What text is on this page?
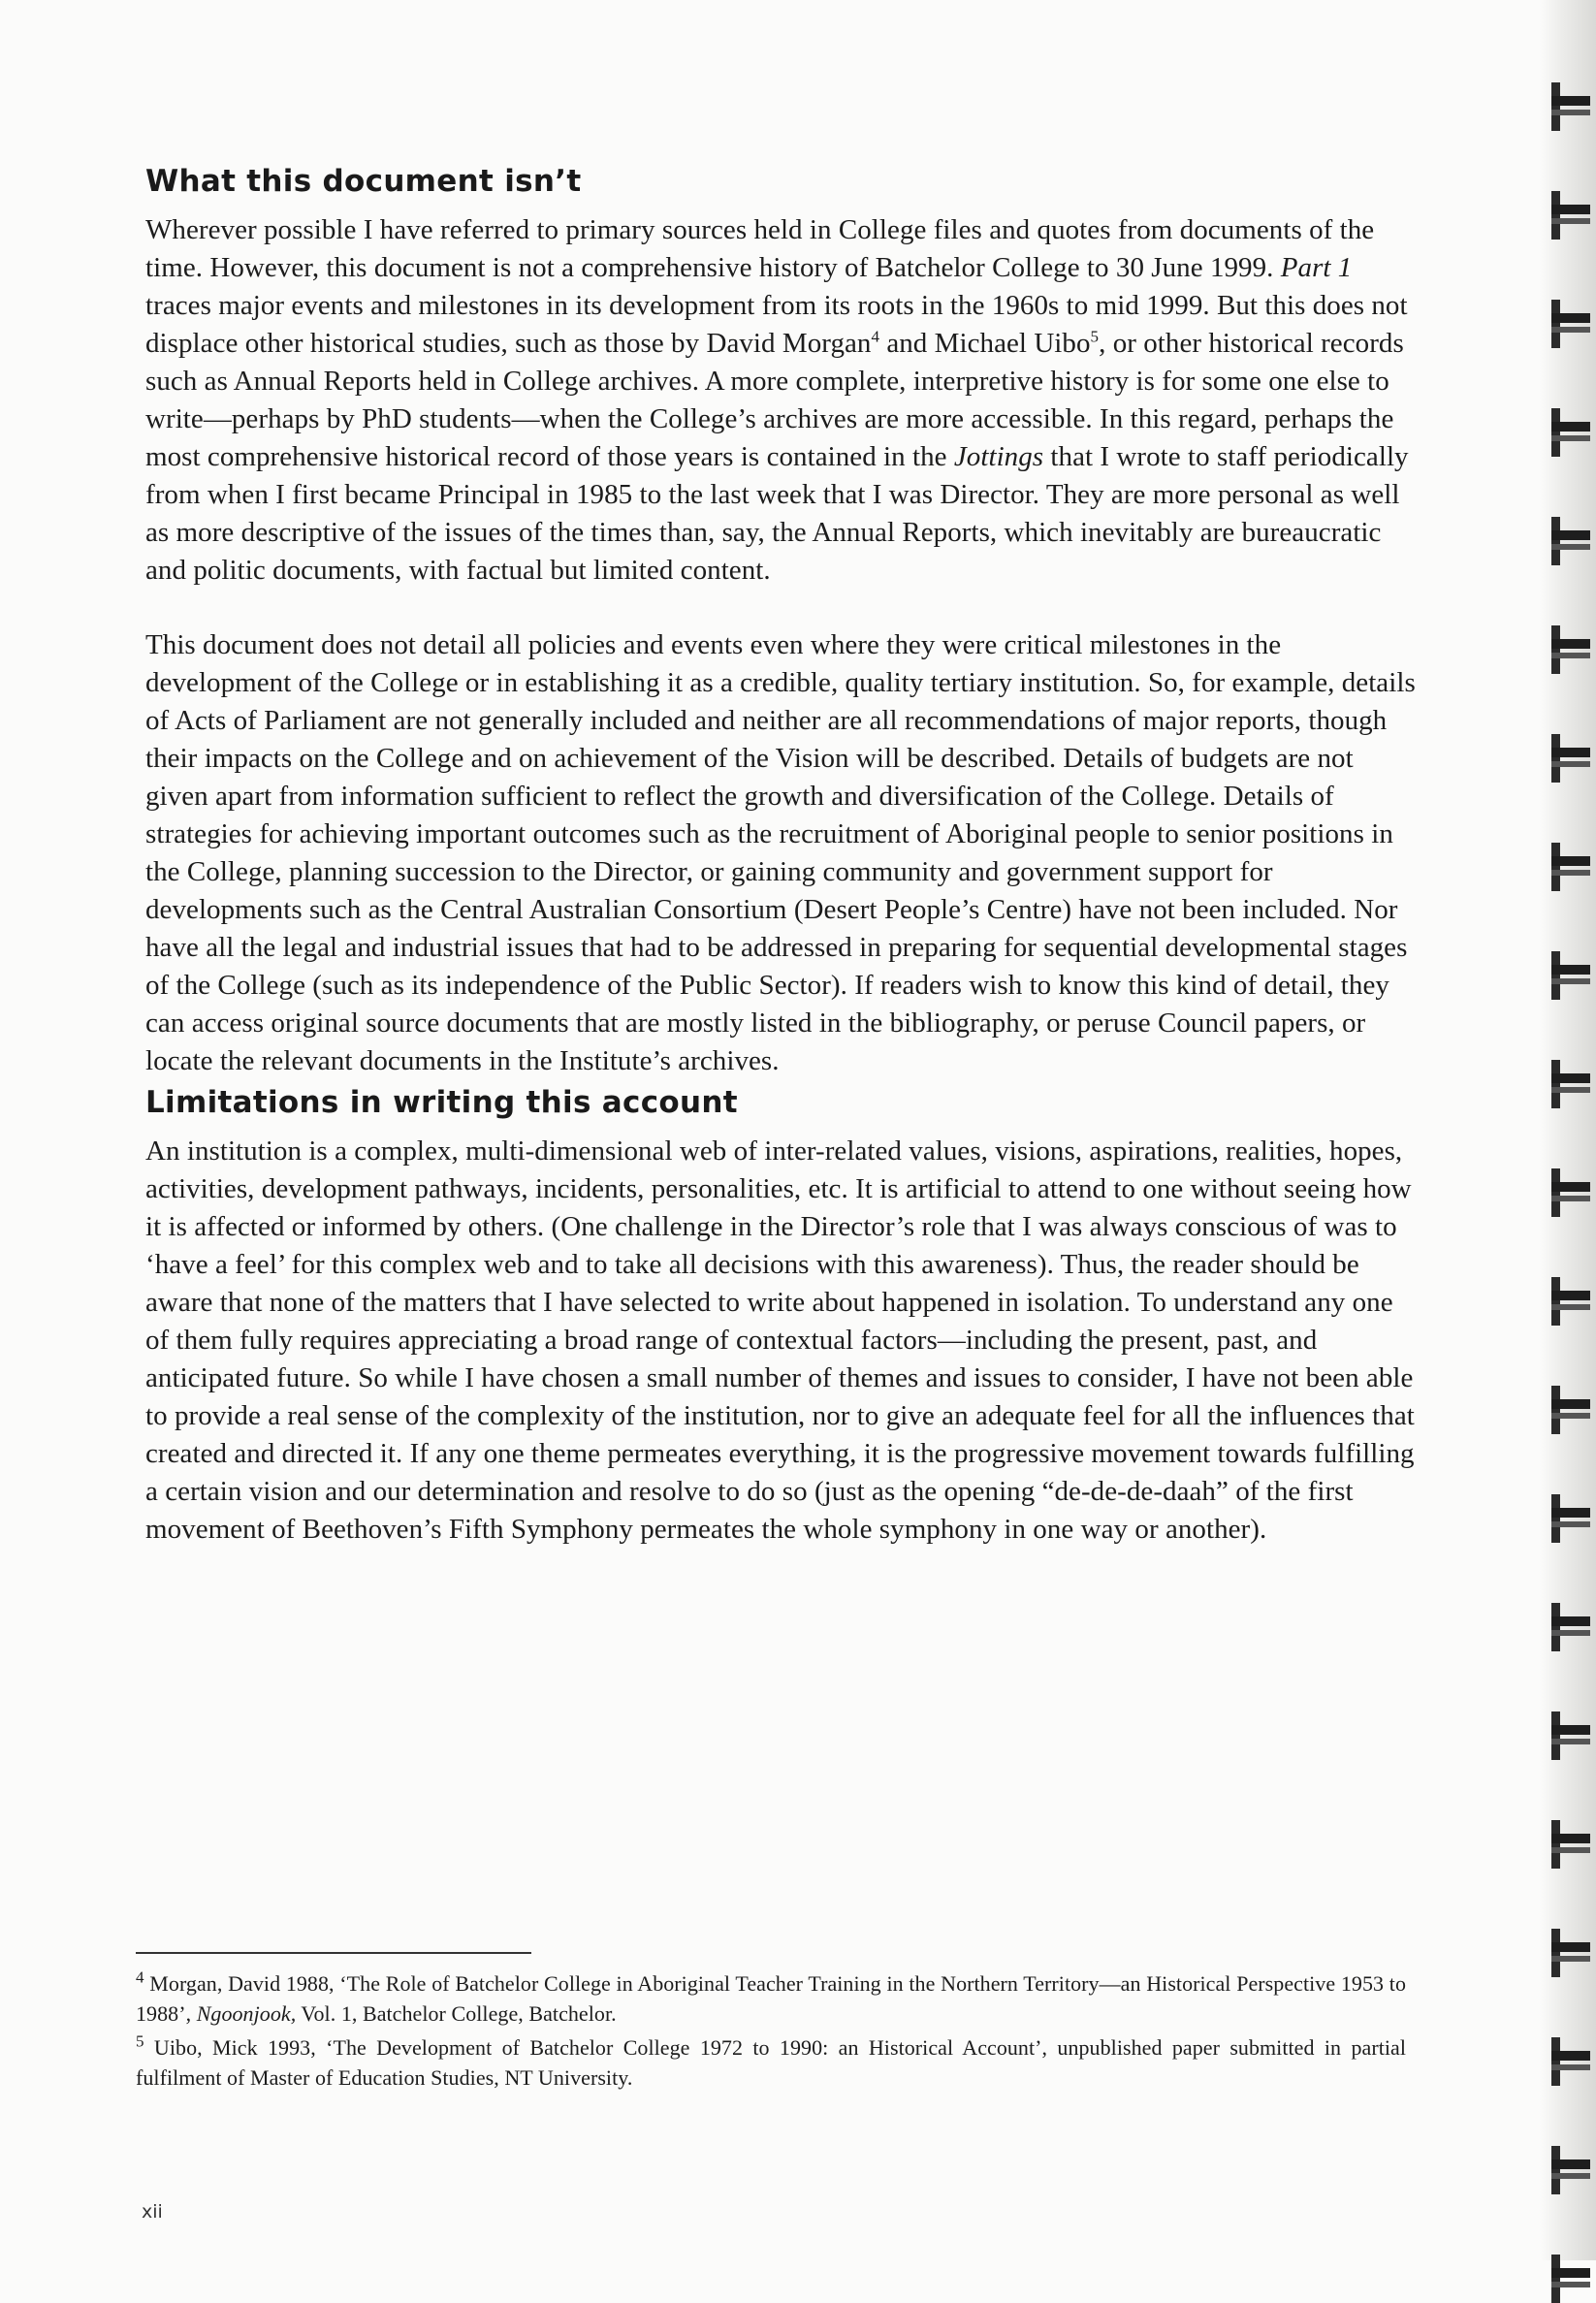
What this document isn’t

Wherever possible I have referred to primary sources held in College files and quotes from documents of the time. However, this document is not a comprehensive history of Batchelor College to 30 June 1999. Part 1 traces major events and milestones in its development from its roots in the 1960s to mid 1999. But this does not displace other historical studies, such as those by David Morgan$^4$ and Michael Uibo$^5$, or other historical records such as Annual Reports held in College archives. A more complete, interpretive history is for some one else to write—perhaps by PhD students—when the College’s archives are more accessible. In this regard, perhaps the most comprehensive historical record of those years is contained in the Jottings that I wrote to staff periodically from when I first became Principal in 1985 to the last week that I was Director. They are more personal as well as more descriptive of the issues of the times than, say, the Annual Reports, which inevitably are bureaucratic and politic documents, with factual but limited content.

This document does not detail all policies and events even where they were critical milestones in the development of the College or in establishing it as a credible, quality tertiary institution. So, for example, details of Acts of Parliament are not generally included and neither are all recommendations of major reports, though their impacts on the College and on achievement of the Vision will be described. Details of budgets are not given apart from information sufficient to reflect the growth and diversification of the College. Details of strategies for achieving important outcomes such as the recruitment of Aboriginal people to senior positions in the College, planning succession to the Director, or gaining community and government support for developments such as the Central Australian Consortium (Desert People’s Centre) have not been included. Nor have all the legal and industrial issues that had to be addressed in preparing for sequential developmental stages of the College (such as its independence of the Public Sector). If readers wish to know this kind of detail, they can access original source documents that are mostly listed in the bibliography, or peruse Council papers, or locate the relevant documents in the Institute’s archives.

Limitations in writing this account

An institution is a complex, multi-dimensional web of inter-related values, visions, aspirations, realities, hopes, activities, development pathways, incidents, personalities, etc. It is artificial to attend to one without seeing how it is affected or informed by others. (One challenge in the Director’s role that I was always conscious of was to ‘have a feel’ for this complex web and to take all decisions with this awareness). Thus, the reader should be aware that none of the matters that I have selected to write about happened in isolation. To understand any one of them fully requires appreciating a broad range of contextual factors—including the present, past, and anticipated future. So while I have chosen a small number of themes and issues to consider, I have not been able to provide a real sense of the complexity of the institution, nor to give an adequate feel for all the influences that created and directed it. If any one theme permeates everything, it is the progressive movement towards fulfilling a certain vision and our determination and resolve to do so (just as the opening “de-de-de-daah” of the first movement of Beethoven’s Fifth Symphony permeates the whole symphony in one way or another).

$^4$ Morgan, David 1988, ‘The Role of Batchelor College in Aboriginal Teacher Training in the Northern Territory—an Historical Perspective 1953 to 1988’, Ngoonjook, Vol. 1, Batchelor College, Batchelor.

$^5$ Uibo, Mick 1993, ‘The Development of Batchelor College 1972 to 1990: an Historical Account’, unpublished paper submitted in partial fulfilment of Master of Education Studies, NT University.

xii
